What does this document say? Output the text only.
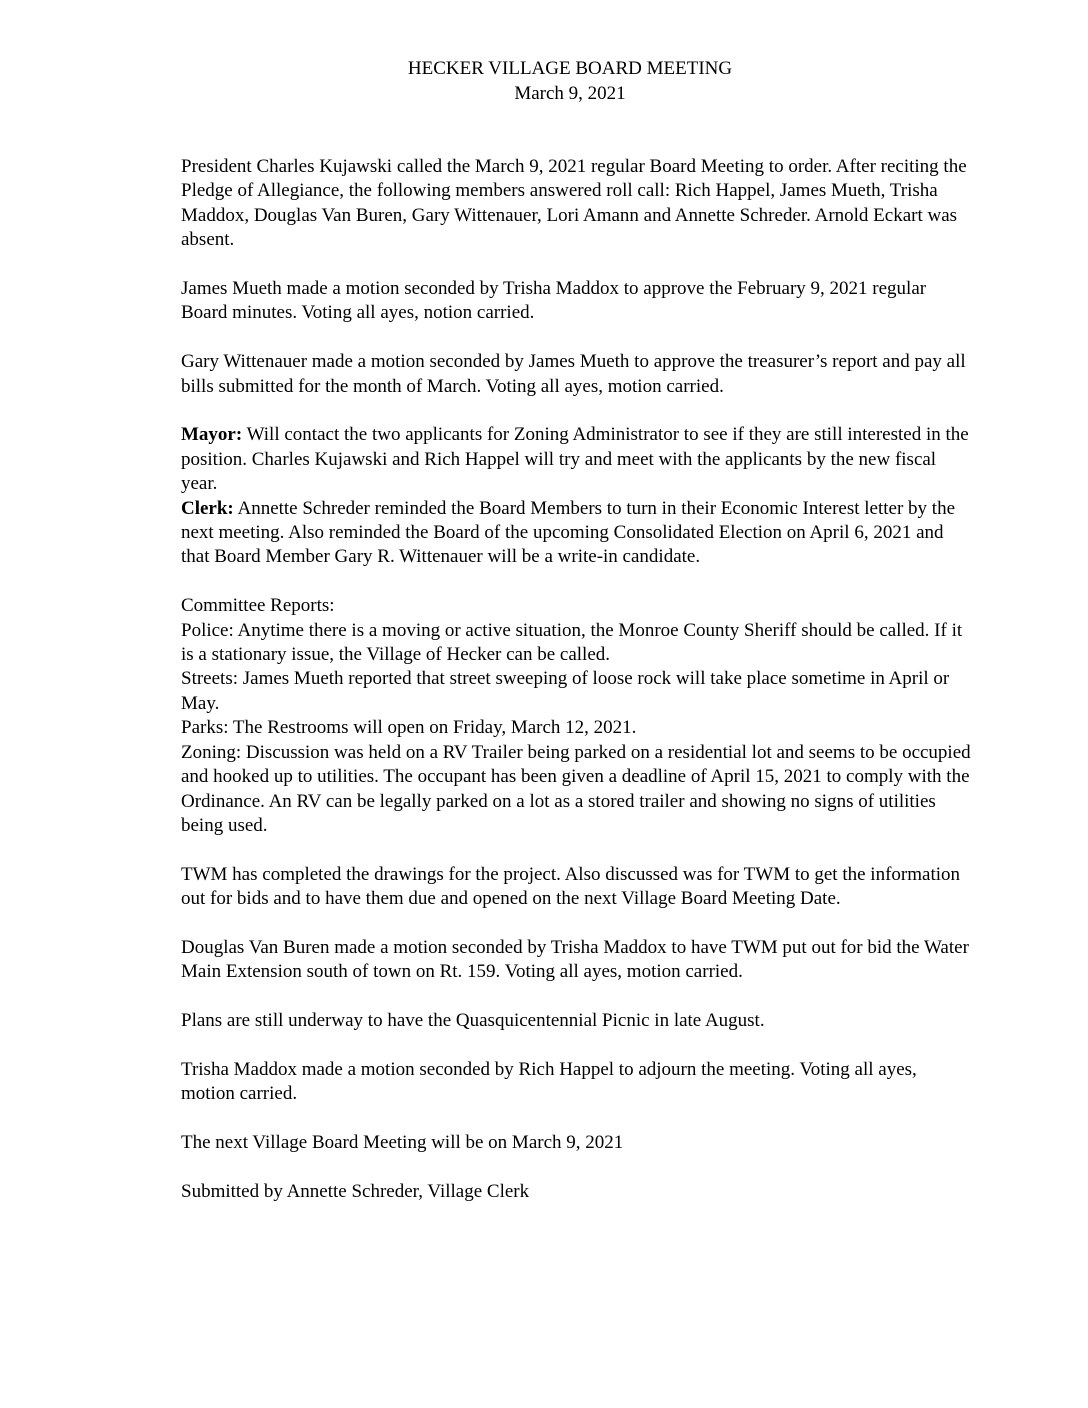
HECKER VILLAGE BOARD MEETING
March 9, 2021

President Charles Kujawski called the March 9, 2021 regular Board Meeting to order. After reciting the Pledge of Allegiance, the following members answered roll call: Rich Happel, James Mueth, Trisha Maddox, Douglas Van Buren, Gary Wittenauer, Lori Amann and Annette Schreder. Arnold Eckart was absent.

James Mueth made a motion seconded by Trisha Maddox to approve the February 9, 2021 regular Board minutes. Voting all ayes, notion carried.

Gary Wittenauer made a motion seconded by James Mueth to approve the treasurer’s report and pay all bills submitted for the month of March. Voting all ayes, motion carried.

Mayor: Will contact the two applicants for Zoning Administrator to see if they are still interested in the position. Charles Kujawski and Rich Happel will try and meet with the applicants by the new fiscal year.

Clerk: Annette Schreder reminded the Board Members to turn in their Economic Interest letter by the next meeting. Also reminded the Board of the upcoming Consolidated Election on April 6, 2021 and that Board Member Gary R. Wittenauer will be a write-in candidate.

Committee Reports:

Police: Anytime there is a moving or active situation, the Monroe County Sheriff should be called. If it is a stationary issue, the Village of Hecker can be called.

Streets: James Mueth reported that street sweeping of loose rock will take place sometime in April or May.

Parks: The Restrooms will open on Friday, March 12, 2021.

Zoning: Discussion was held on a RV Trailer being parked on a residential lot and seems to be occupied and hooked up to utilities. The occupant has been given a deadline of April 15, 2021 to comply with the Ordinance. An RV can be legally parked on a lot as a stored trailer and showing no signs of utilities being used.

TWM has completed the drawings for the project. Also discussed was for TWM to get the information out for bids and to have them due and opened on the next Village Board Meeting Date.

Douglas Van Buren made a motion seconded by Trisha Maddox to have TWM put out for bid the Water Main Extension south of town on Rt. 159. Voting all ayes, motion carried.

Plans are still underway to have the Quasquicentennial Picnic in late August.

Trisha Maddox made a motion seconded by Rich Happel to adjourn the meeting. Voting all ayes, motion carried.

The next Village Board Meeting will be on March 9, 2021

Submitted by Annette Schreder, Village Clerk
